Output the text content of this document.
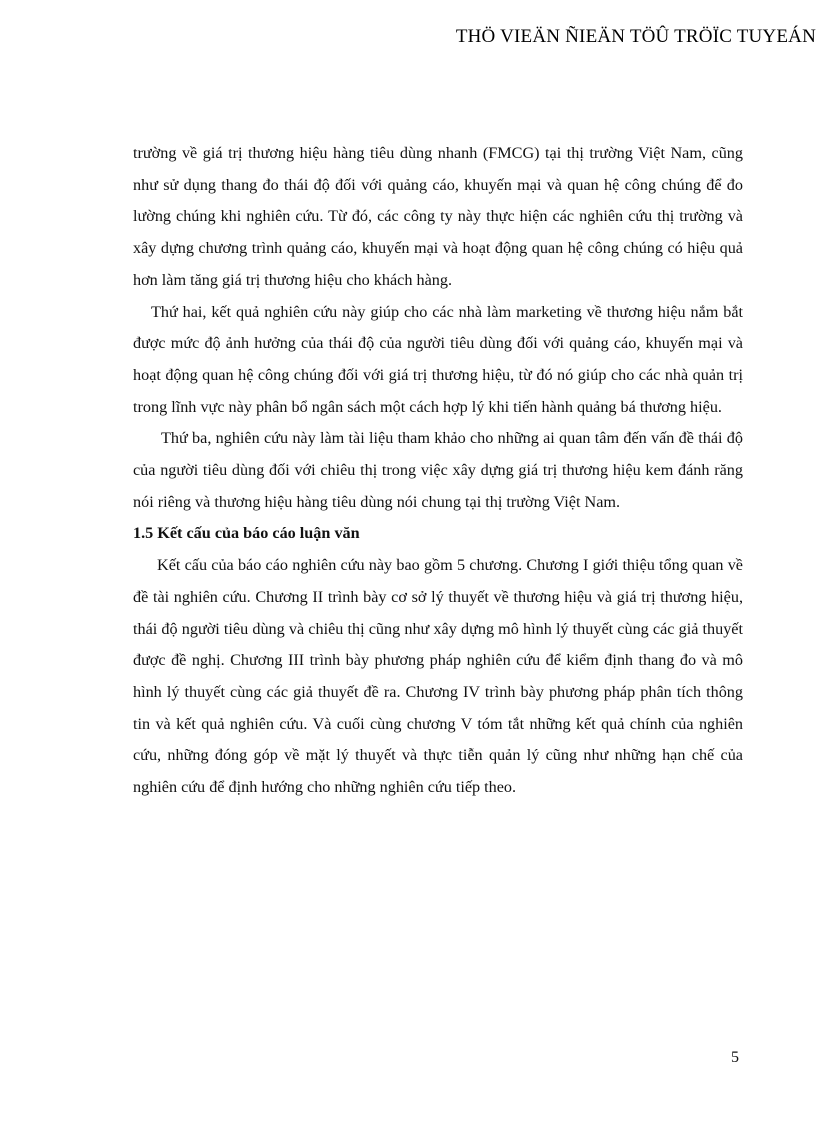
THÖ VIEÄN ÑIEÄN TÖÛ TRÖÏC TUYEÁN

trường về giá trị thương hiệu hàng tiêu dùng nhanh (FMCG) tại thị trường Việt Nam, cũng như sử dụng thang đo thái độ đối với quảng cáo, khuyến mại và quan hệ công chúng để đo lường chúng khi nghiên cứu. Từ đó, các công ty này thực hiện các nghiên cứu thị trường và xây dựng chương trình quảng cáo, khuyến mại và hoạt động quan hệ công chúng có hiệu quả hơn làm tăng giá trị thương hiệu cho khách hàng.

Thứ hai, kết quả nghiên cứu này giúp cho các nhà làm marketing về thương hiệu nắm bắt được mức độ ảnh hưởng của thái độ của người tiêu dùng đối với quảng cáo, khuyến mại và hoạt động quan hệ công chúng đối với giá trị thương hiệu, từ đó nó giúp cho các nhà quản trị trong lĩnh vực này phân bổ ngân sách một cách hợp lý khi tiến hành quảng bá thương hiệu.

Thứ ba, nghiên cứu này làm tài liệu tham khảo cho những ai quan tâm đến vấn đề thái độ của người tiêu dùng đối với chiêu thị trong việc xây dựng giá trị thương hiệu kem đánh răng nói riêng và thương hiệu hàng tiêu dùng nói chung tại thị trường Việt Nam.

1.5 Kết cấu của báo cáo luận văn

Kết cấu của báo cáo nghiên cứu này bao gồm 5 chương. Chương I giới thiệu tổng quan về đề tài nghiên cứu. Chương II trình bày cơ sở lý thuyết về thương hiệu và giá trị thương hiệu, thái độ người tiêu dùng và chiêu thị cũng như xây dựng mô hình lý thuyết cùng các giả thuyết được đề nghị. Chương III trình bày phương pháp nghiên cứu để kiểm định thang đo và mô hình lý thuyết cùng các giả thuyết đề ra. Chương IV trình bày phương pháp phân tích thông tin và kết quả nghiên cứu. Và cuối cùng chương V tóm tắt những kết quả chính của nghiên cứu, những đóng góp về mặt lý thuyết và thực tiễn quản lý cũng như những hạn chế của nghiên cứu để định hướng cho những nghiên cứu tiếp theo.

5
